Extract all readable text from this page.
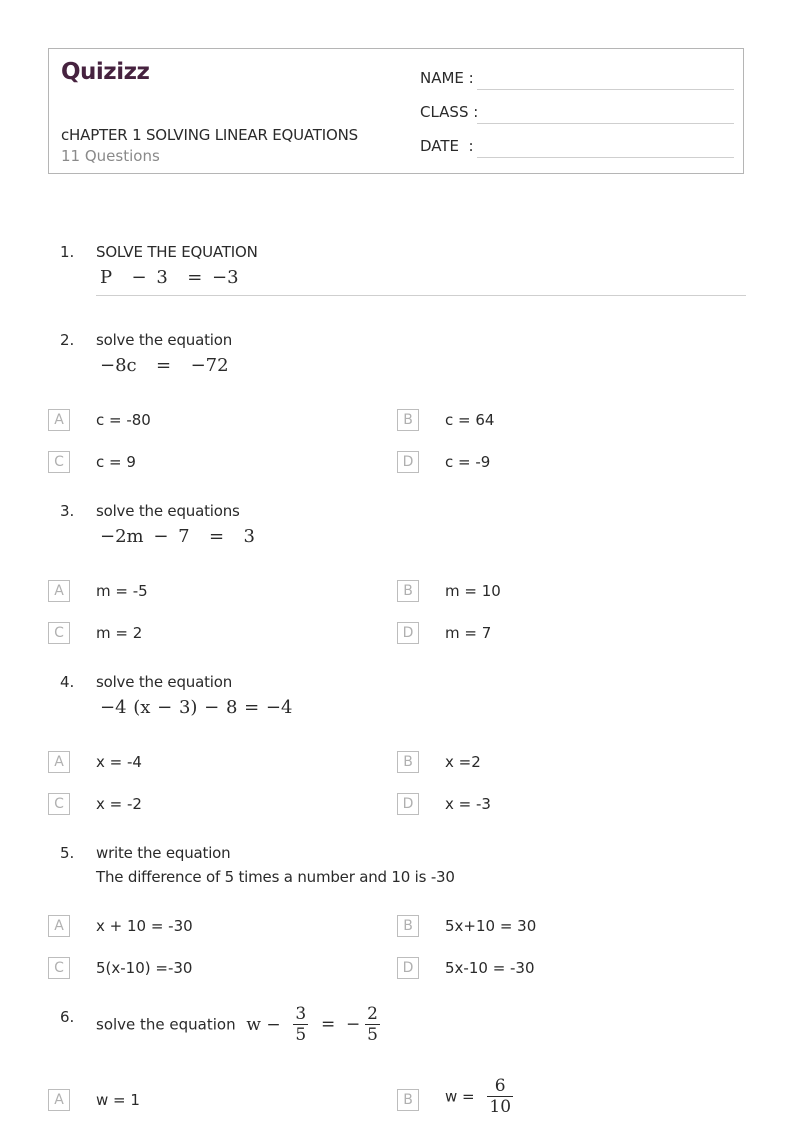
Quizizz
cHAPTER 1 SOLVING LINEAR EQUATIONS
11 Questions
NAME :
CLASS :
DATE  :
1. SOLVE THE EQUATION
P  − 3  = −3
2. solve the equation
−8c  =  −72
A	c = -80	B	c = 64
C	c = 9	D	c = -9
3. solve the equations
−2m − 7  =  3
A	m = -5	B	m = 10
C	m = 2	D	m = 7
4. solve the equation
−4 (x − 3) − 8 = −4
A	x = -4	B	x =2
C	x = -2	D	x = -3
5. write the equation
The difference of 5 times a number and 10 is -30
A	x + 10 = -30	B	5x+10 = 30
C	5(x-10) =-30	D	5x-10 = -30
6. solve the equation $w - \frac{3}{5}$ =  − $\frac{2}{5}$
A	w = 1	B	$w = \frac{6}{10}$
